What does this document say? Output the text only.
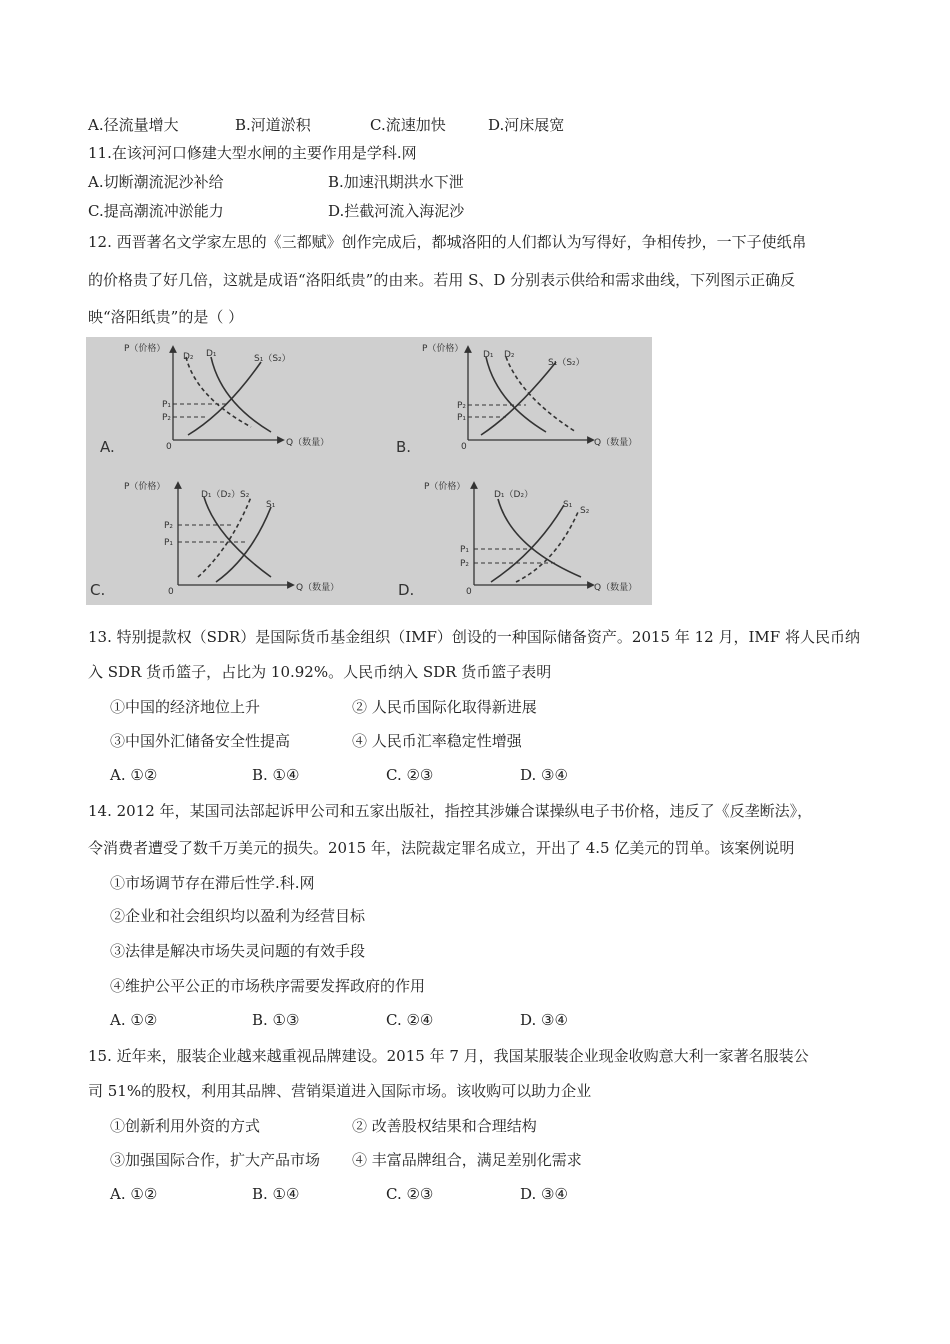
A.径流量增大	B.河道淤积	C.流速加快	D.河床展宽
11.在该河河口修建大型水闸的主要作用是学科.网
A.切断潮流泥沙补给	B.加速汛期洪水下泄
C.提高潮流冲淤能力	D.拦截河流入海泥沙
12. 西晋著名文学家左思的《三都赋》创作完成后，都城洛阳的人们都认为写得好，争相传抄，一下子使纸帛
的价格贵了好几倍，这就是成语“洛阳纸贵”的由来。若用 S、D 分别表示供给和需求曲线，下列图示正确反
映“洛阳纸贵”的是（ ）
P（价格）
D₂ D₁	S₁（S₂）
P₁
P₂
0	Q（数量）
A.
P（价格）
D₁ D₂
S₁（S₂）
P₂
P₁
0	Q（数量）
B.
P（价格）
D₁（D₂） S₂
S₁
P₂
P₁
0	Q（数量）
C.
P（价格）
D₁（D₂）
S₁
S₂
P₁
P₂
0	Q（数量）
D.
13. 特别提款权（SDR）是国际货币基金组织（IMF）创设的一种国际储备资产。2015 年 12 月，IMF 将人民币纳
入 SDR 货币篮子，占比为 10.92%。人民币纳入 SDR 货币篮子表明
①中国的经济地位上升	② 人民币国际化取得新进展
③中国外汇储备安全性提高	④ 人民币汇率稳定性增强
A. ①②	B. ①④	C. ②③	D. ③④
14. 2012 年，某国司法部起诉甲公司和五家出版社，指控其涉嫌合谋操纵电子书价格，违反了《反垄断法》，
令消费者遭受了数千万美元的损失。2015 年，法院裁定罪名成立，开出了 4.5 亿美元的罚单。该案例说明
①市场调节存在滞后性学.科.网
②企业和社会组织均以盈利为经营目标
③法律是解决市场失灵问题的有效手段
④维护公平公正的市场秩序需要发挥政府的作用
A. ①②	B. ①③	C. ②④	D. ③④
15. 近年来，服装企业越来越重视品牌建设。2015 年 7 月，我国某服装企业现金收购意大利一家著名服装公
司 51%的股权，利用其品牌、营销渠道进入国际市场。该收购可以助力企业
①创新利用外资的方式	② 改善股权结果和合理结构
③加强国际合作，扩大产品市场 ④ 丰富品牌组合，满足差别化需求
A. ①②	B. ①④	C. ②③	D. ③④
